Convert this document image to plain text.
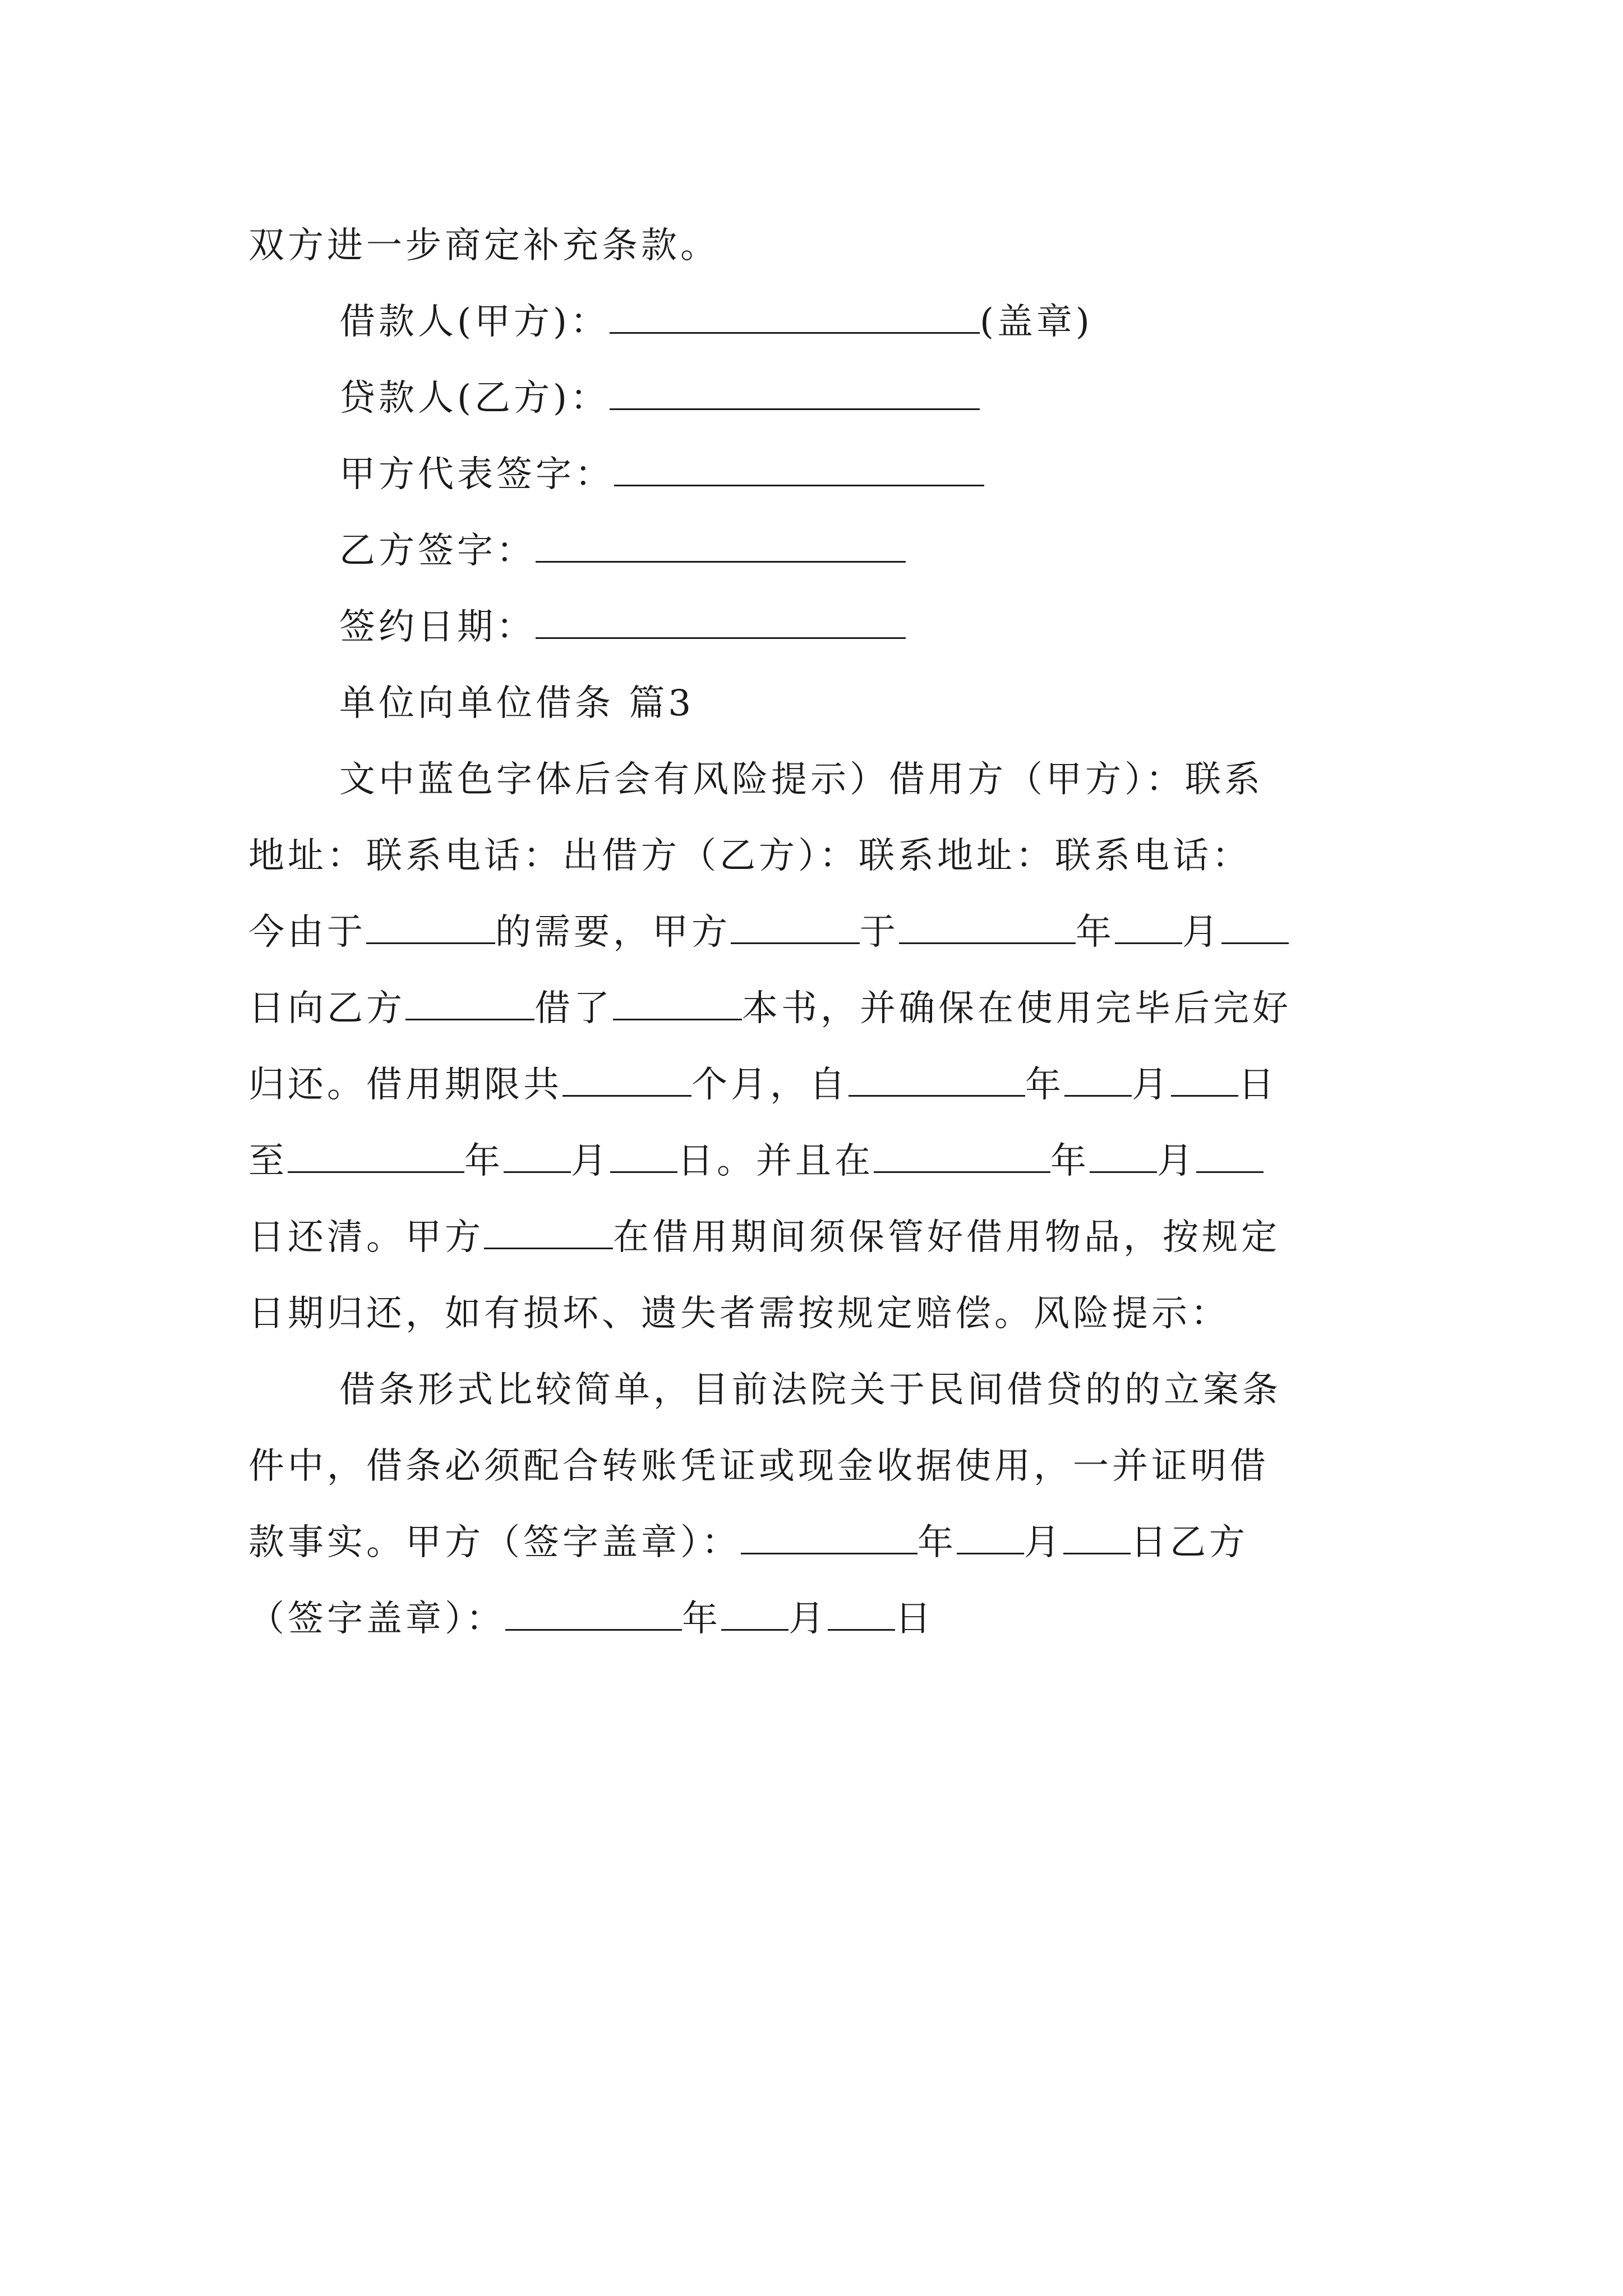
双方进一步商定补充条款。
借款人(甲方)：	(盖章)
贷款人(乙方)：
甲方代表签字：
乙方签字：
签约日期：
单位向单位借条 篇3
文中蓝色字体后会有风险提示）借用方（甲方）：联系
地址：联系电话：出借方（乙方）：联系地址：联系电话：
今由于	的需要，甲方	于	年 月
日向乙方	借了	本书，并确保在使用完毕后完好
归还。借用期限共	个月，自	年 月 日
至	年 月 日。并且在	年 月
日还清。甲方	在借用期间须保管好借用物品，按规定
日期归还，如有损坏、遗失者需按规定赔偿。风险提示：
借条形式比较简单，目前法院关于民间借贷的的立案条
件中，借条必须配合转账凭证或现金收据使用，一并证明借
款事实。甲方（签字盖章）：	年 月 日乙方
（签字盖章）：	年 月 日
